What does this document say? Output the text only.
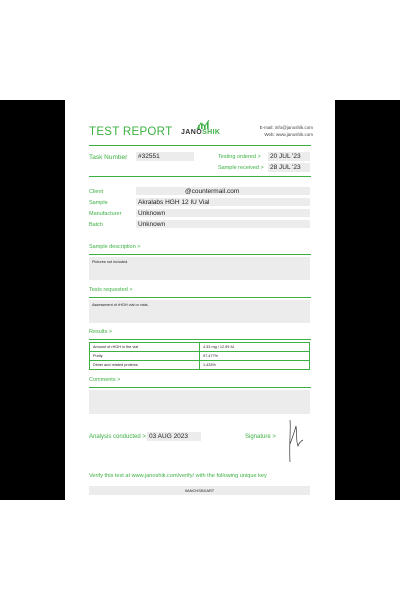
TEST REPORT JANOSHIK
E-mail: info@janoshik.com
Web: www.janoshik.com
Task Number #32551	Testing ordered > 20 JUL '23
Sample received > 28 JUL '23
Client	@countermail.com
Sample	Akralabs HGH 12 IU Vial
Manufacturer	Unknown
Batch	Unknown
Sample description >
Pictures not included.
Tests requested >
Assessment of rHGH vial or vials.
Results >
Amount of rHGH in the vial	4.33 mg / 12.99 IU
Purity	97.477%
Dimer and related proteins	1.433%
Comments >
Analysis conducted > 03 AUG 2023	Signature >
Verify this test at www.janoshik.com/verify/ with the following unique key
9ANCHSBXART
